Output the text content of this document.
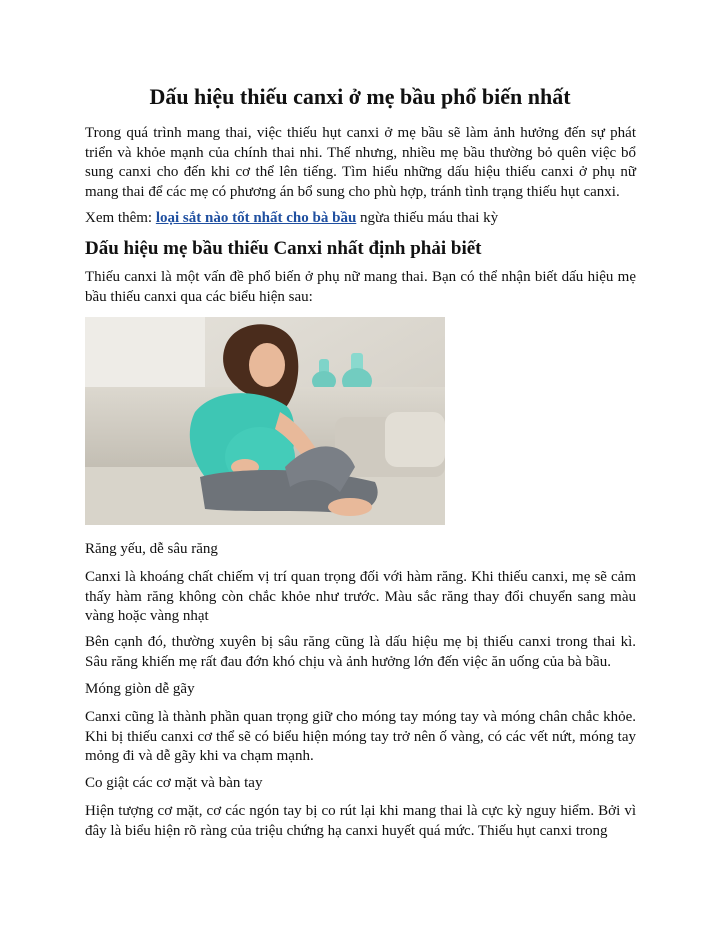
Dấu hiệu thiếu canxi ở mẹ bầu phổ biến nhất

Trong quá trình mang thai, việc thiếu hụt canxi ở mẹ bầu sẽ làm ảnh hưởng đến sự phát triển và khỏe mạnh của chính thai nhi. Thế nhưng, nhiều mẹ bầu thường bỏ quên việc bổ sung canxi cho đến khi cơ thể lên tiếng. Tìm hiểu những dấu hiệu thiếu canxi ở phụ nữ mang thai để các mẹ có phương án bổ sung cho phù hợp, tránh tình trạng thiếu hụt canxi.

Xem thêm: loại sắt nào tốt nhất cho bà bầu ngừa thiếu máu thai kỳ

Dấu hiệu mẹ bầu thiếu Canxi nhất định phải biết

Thiếu canxi là một vấn đề phổ biến ở phụ nữ mang thai. Bạn có thể nhận biết dấu hiệu mẹ bầu thiếu canxi qua các biểu hiện sau:

Răng yếu, dễ sâu răng

Canxi là khoáng chất chiếm vị trí quan trọng đối với hàm răng. Khi thiếu canxi, mẹ sẽ cảm thấy hàm răng không còn chắc khỏe như trước. Màu sắc răng thay đổi chuyển sang màu vàng hoặc vàng nhạt

Bên cạnh đó, thường xuyên bị sâu răng cũng là dấu hiệu mẹ bị thiếu canxi trong thai kì. Sâu răng khiến mẹ rất đau đớn khó chịu và ảnh hưởng lớn đến việc ăn uống của bà bầu.

Móng giòn dễ gãy

Canxi cũng là thành phần quan trọng giữ cho móng tay móng tay và móng chân chắc khỏe. Khi bị thiếu canxi cơ thể sẽ có biểu hiện móng tay trở nên ố vàng, có các vết nứt, móng tay mỏng đi và dễ gãy khi va chạm mạnh.

Co giật các cơ mặt và bàn tay

Hiện tượng cơ mặt, cơ các ngón tay bị co rút lại khi mang thai là cực kỳ nguy hiểm. Bởi vì đây là biểu hiện rõ ràng của triệu chứng hạ canxi huyết quá mức. Thiếu hụt canxi trong
